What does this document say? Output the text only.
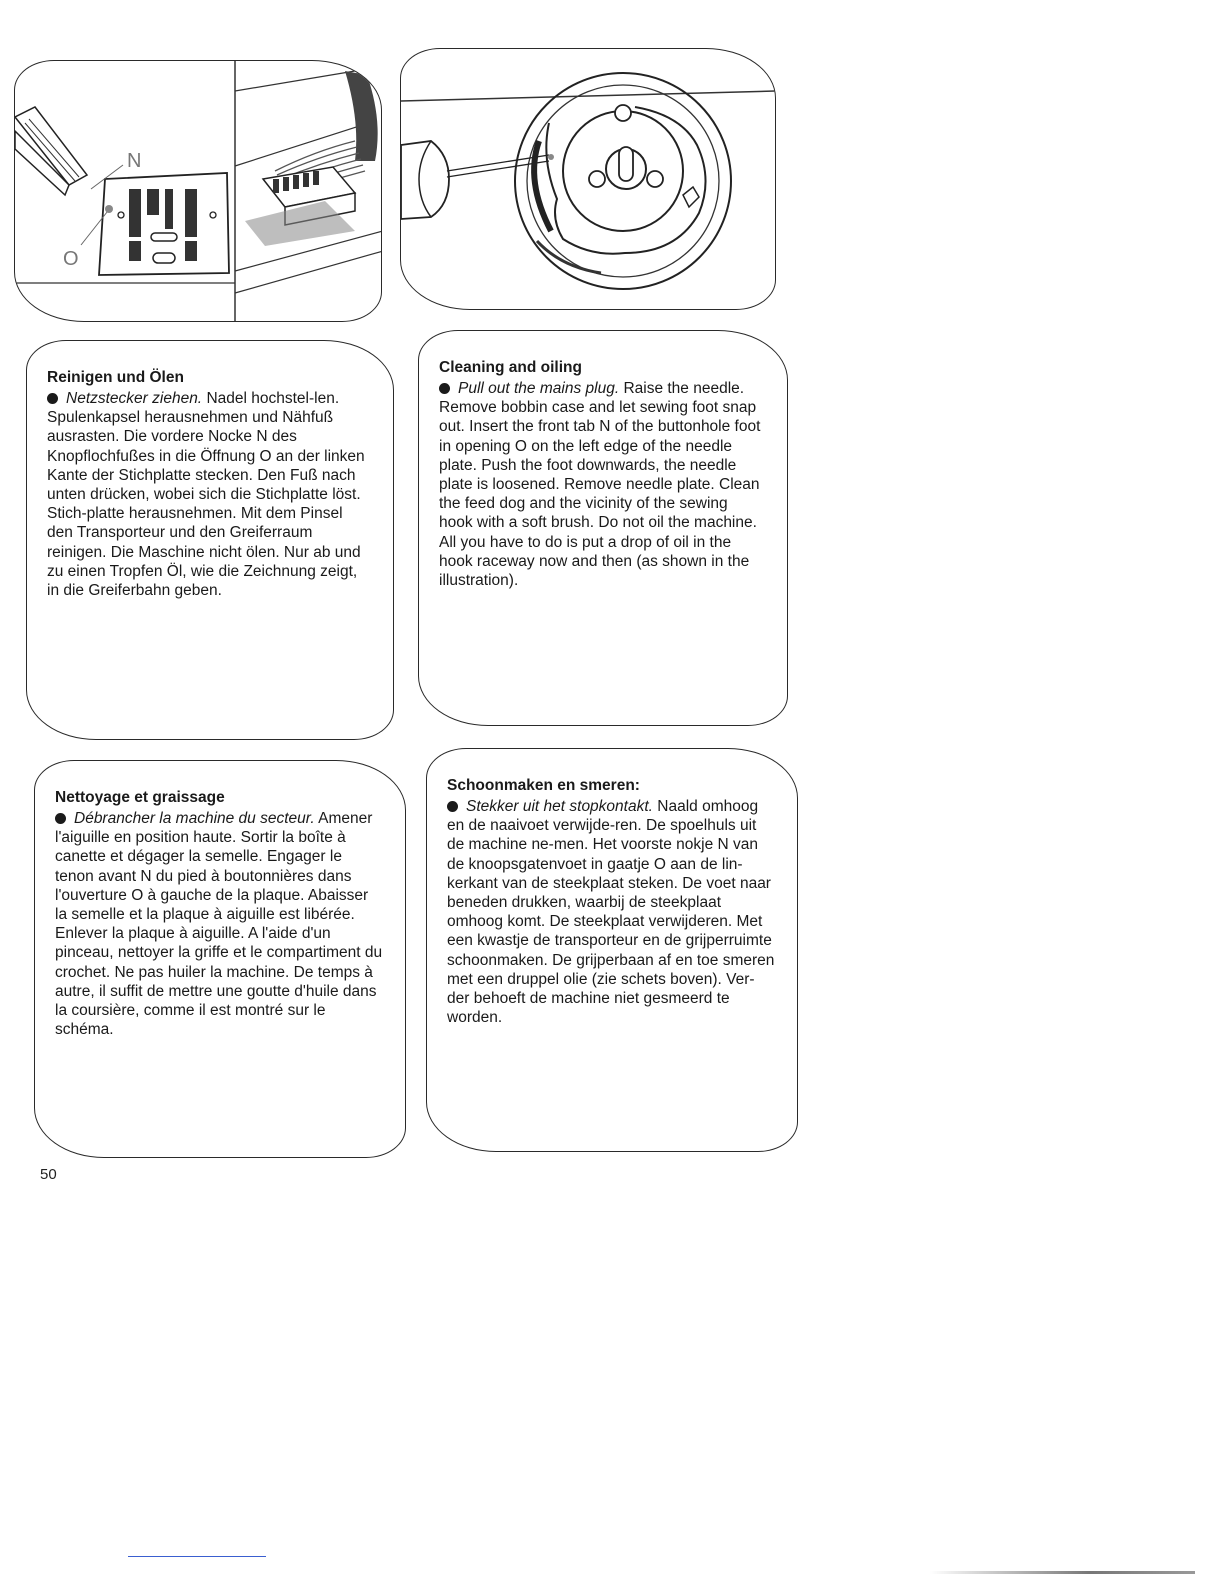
N
O
Reinigen und Ölen
Netzstecker ziehen. Nadel hochstel-len. Spulenkapsel herausnehmen und Nähfuß ausrasten. Die vordere Nocke N des Knopflochfußes in die Öffnung O an der linken Kante der Stichplatte stecken. Den Fuß nach unten drücken, wobei sich die Stichplatte löst. Stich-platte herausnehmen. Mit dem Pinsel den Transporteur und den Greiferraum reinigen. Die Maschine nicht ölen. Nur ab und zu einen Tropfen Öl, wie die Zeichnung zeigt, in die Greiferbahn geben.
Cleaning and oiling
Pull out the mains plug. Raise the needle. Remove bobbin case and let sewing foot snap out. Insert the front tab N of the buttonhole foot in opening O on the left edge of the needle plate. Push the foot downwards, the needle plate is loosened. Remove needle plate. Clean the feed dog and the vicinity of the sewing hook with a soft brush. Do not oil the machine. All you have to do is put a drop of oil in the hook raceway now and then (as shown in the illustration).
Nettoyage et graissage
Débrancher la machine du secteur. Amener l'aiguille en position haute. Sortir la boîte à canette et dégager la semelle. Engager le tenon avant N du pied à boutonnières dans l'ouverture O à gauche de la plaque. Abaisser la semelle et la plaque à aiguille est libérée. Enlever la plaque à aiguille. A l'aide d'un pinceau, nettoyer la griffe et le compartiment du crochet. Ne pas huiler la machine. De temps à autre, il suffit de mettre une goutte d'huile dans la coursière, comme il est montré sur le schéma.
Schoonmaken en smeren:
Stekker uit het stopkontakt. Naald omhoog en de naaivoet verwijde-ren. De spoelhuls uit de machine ne-men. Het voorste nokje N van de knoopsgatenvoet in gaatje O aan de lin-kerkant van de steekplaat steken. De voet naar beneden drukken, waarbij de steekplaat omhoog komt. De steekplaat verwijderen. Met een kwastje de transporteur en de grijperruimte schoonmaken. De grijperbaan af en toe smeren met een druppel olie (zie schets boven). Ver-der behoeft de machine niet gesmeerd te worden.
50
